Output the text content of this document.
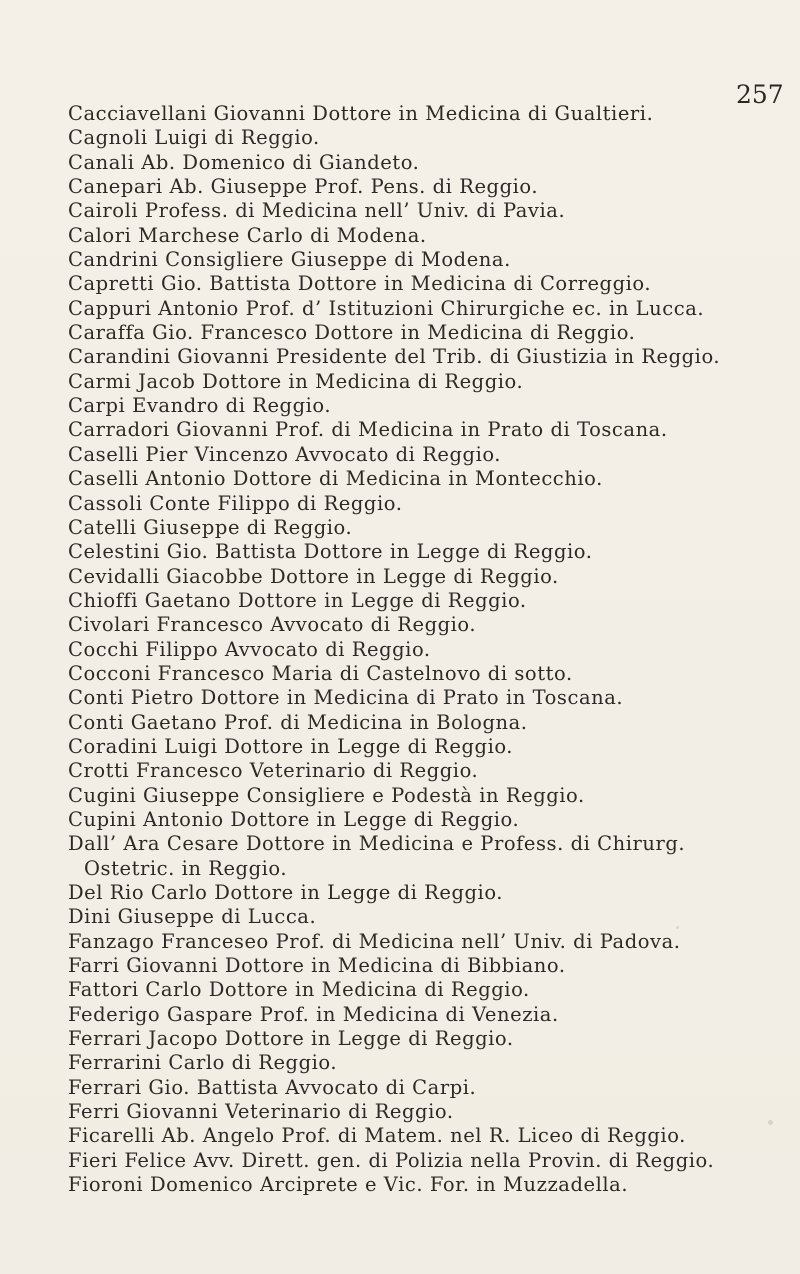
257
Cacciavellani Giovanni Dottore in Medicina di Gualtieri.
Cagnoli Luigi di Reggio.
Canali Ab. Domenico di Giandeto.
Canepari Ab. Giuseppe Prof. Pens. di Reggio.
Cairoli Profess. di Medicina nell’ Univ. di Pavia.
Calori Marchese Carlo di Modena.
Candrini Consigliere Giuseppe di Modena.
Capretti Gio. Battista Dottore in Medicina di Correggio.
Cappuri Antonio Prof. d’ Istituzioni Chirurgiche ec. in Lucca.
Caraffa Gio. Francesco Dottore in Medicina di Reggio.
Carandini Giovanni Presidente del Trib. di Giustizia in Reggio.
Carmi Jacob Dottore in Medicina di Reggio.
Carpi Evandro di Reggio.
Carradori Giovanni Prof. di Medicina in Prato di Toscana.
Caselli Pier Vincenzo Avvocato di Reggio.
Caselli Antonio Dottore di Medicina in Montecchio.
Cassoli Conte Filippo di Reggio.
Catelli Giuseppe di Reggio.
Celestini Gio. Battista Dottore in Legge di Reggio.
Cevidalli Giacobbe Dottore in Legge di Reggio.
Chioffi Gaetano Dottore in Legge di Reggio.
Civolari Francesco Avvocato di Reggio.
Cocchi Filippo Avvocato di Reggio.
Cocconi Francesco Maria di Castelnovo di sotto.
Conti Pietro Dottore in Medicina di Prato in Toscana.
Conti Gaetano Prof. di Medicina in Bologna.
Coradini Luigi Dottore in Legge di Reggio.
Crotti Francesco Veterinario di Reggio.
Cugini Giuseppe Consigliere e Podestà in Reggio.
Cupini Antonio Dottore in Legge di Reggio.
Dall’ Ara Cesare Dottore in Medicina e Profess. di Chirurg.
Ostetric. in Reggio.
Del Rio Carlo Dottore in Legge di Reggio.
Dini Giuseppe di Lucca.
Fanzago Franceseo Prof. di Medicina nell’ Univ. di Padova.
Farri Giovanni Dottore in Medicina di Bibbiano.
Fattori Carlo Dottore in Medicina di Reggio.
Federigo Gaspare Prof. in Medicina di Venezia.
Ferrari Jacopo Dottore in Legge di Reggio.
Ferrarini Carlo di Reggio.
Ferrari Gio. Battista Avvocato di Carpi.
Ferri Giovanni Veterinario di Reggio.
Ficarelli Ab. Angelo Prof. di Matem. nel R. Liceo di Reggio.
Fieri Felice Avv. Dirett. gen. di Polizia nella Provin. di Reggio.
Fioroni Domenico Arciprete e Vic. For. in Muzzadella.
